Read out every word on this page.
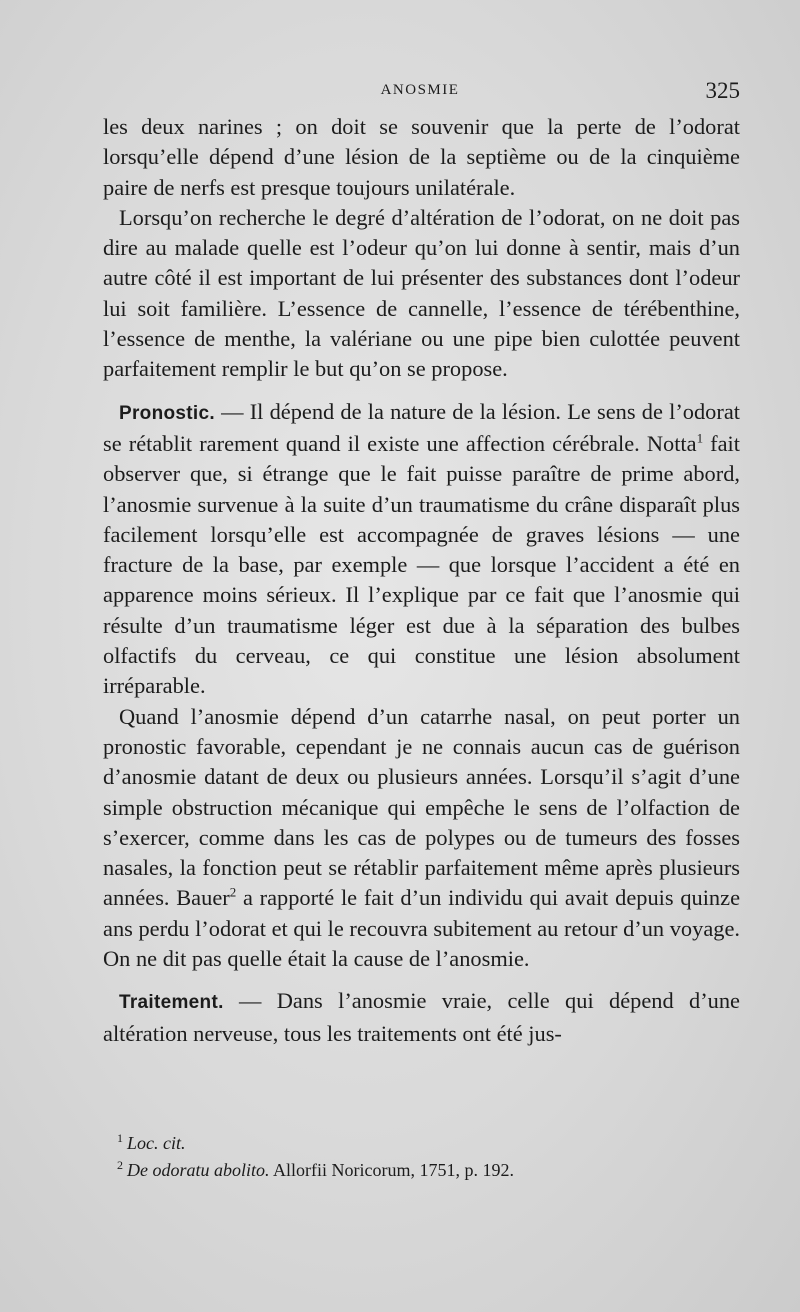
ANOSMIE	325

les deux narines ; on doit se souvenir que la perte de l’odorat lorsqu’elle dépend d’une lésion de la septième ou de la cinquième paire de nerfs est presque toujours unilatérale.

Lorsqu’on recherche le degré d’altération de l’odorat, on ne doit pas dire au malade quelle est l’odeur qu’on lui donne à sentir, mais d’un autre côté il est important de lui présenter des substances dont l’odeur lui soit familière. L’essence de cannelle, l’essence de térébenthine, l’essence de menthe, la valériane ou une pipe bien culottée peuvent parfaitement remplir le but qu’on se propose.

Pronostic. — Il dépend de la nature de la lésion. Le sens de l’odorat se rétablit rarement quand il existe une affection cérébrale. Notta$^1$ fait observer que, si étrange que le fait puisse paraître de prime abord, l’anosmie survenue à la suite d’un traumatisme du crâne disparaît plus facilement lorsqu’elle est accompagnée de graves lésions — une fracture de la base, par exemple — que lorsque l’accident a été en apparence moins sérieux. Il l’explique par ce fait que l’anosmie qui résulte d’un traumatisme léger est due à la séparation des bulbes olfactifs du cerveau, ce qui constitue une lésion absolument irréparable.

Quand l’anosmie dépend d’un catarrhe nasal, on peut porter un pronostic favorable, cependant je ne connais aucun cas de guérison d’anosmie datant de deux ou plusieurs années. Lorsqu’il s’agit d’une simple obstruction mécanique qui empêche le sens de l’olfaction de s’exercer, comme dans les cas de polypes ou de tumeurs des fosses nasales, la fonction peut se rétablir parfaitement même après plusieurs années. Bauer$^2$ a rapporté le fait d’un individu qui avait depuis quinze ans perdu l’odorat et qui le recouvra subitement au retour d’un voyage. On ne dit pas quelle était la cause de l’anosmie.

Traitement. — Dans l’anosmie vraie, celle qui dépend d’une altération nerveuse, tous les traitements ont été jus-

$^1$ Loc. cit.
$^2$ De odoratu abolito. Allorfii Noricorum, 1751, p. 192.
